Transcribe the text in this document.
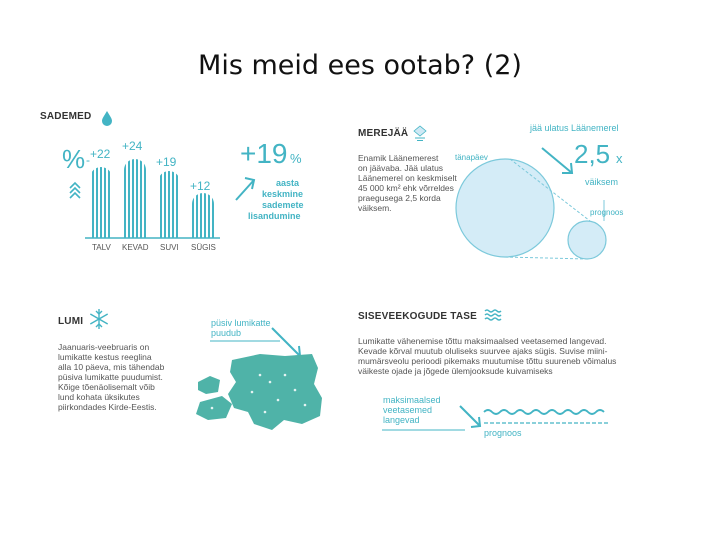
Mis meid ees ootab? (2)
SADEMED
% - +22
+24
+19
+12
TALV KEVAD SUVI SÜGIS
+19 %
aasta
keskmine
sademete
lisandumine
MEREJÄÄ
Enamik Läänemerest
on jäävaba. Jää ulatus
Läänemerel on keskmiselt
45 000 km² ehk võrreldes
praegusega 2,5 korda
väiksem.
jää ulatus Läänemerel
tänapäev	2,5 x
väiksem
prognoos
LUMI
Jaanuaris-veebruaris on
lumikatte kestus reeglina
alla 10 päeva, mis tähendab
püsiva lumikatte puudumist.
Kõige tõenäolisemalt võib
lund kohata üksikutes
piirkondades Kirde-Eestis.
püsiv lumikatte
puudub
SISEVEEKOGUDE TASE
Lumikatte vähenemise tõttu maksimaalsed veetasemed langevad.
Kevade kõrval muutub oluliseks suurvee ajaks sügis. Suvise miini-
mumärsveolu perioodi pikemaks muutumise tõttu suureneb võimalus
väikeste ojade ja jõgede ülemjooksude kuivamiseks
maksimaalsed
veetasemed
langevad
prognoos
